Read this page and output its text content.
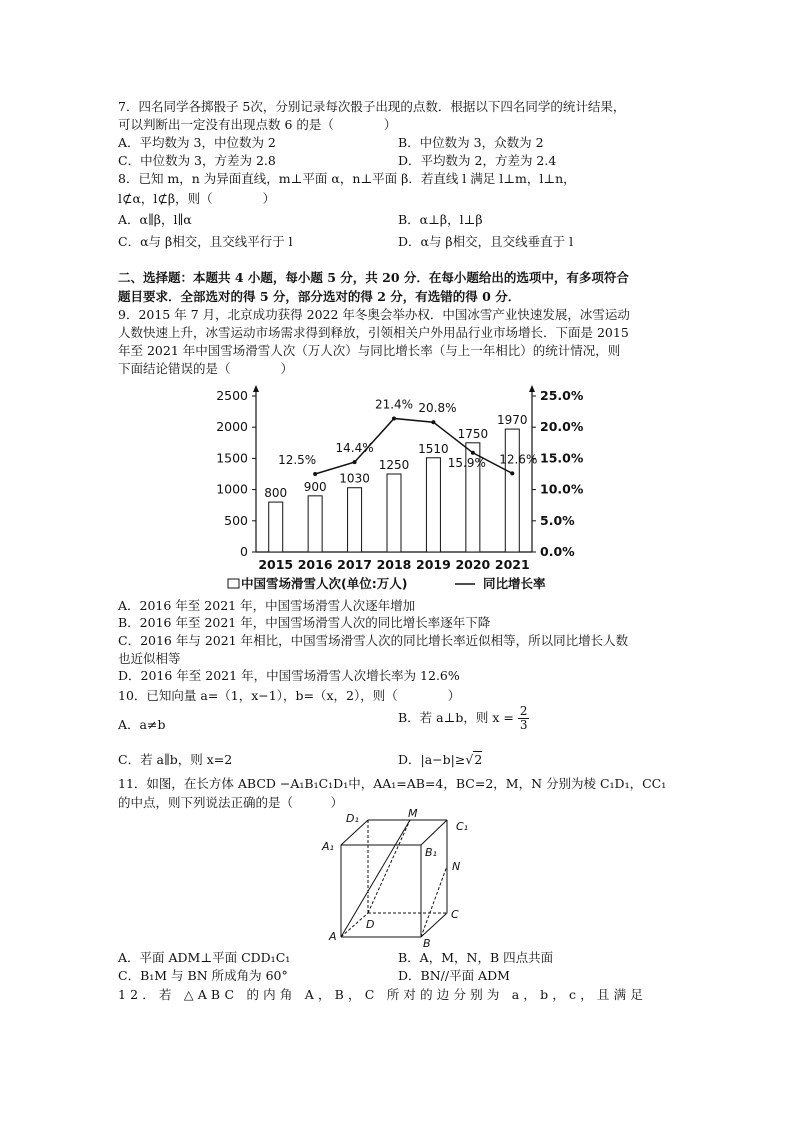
7．四名同学各掷骰子 5次，分别记录每次骰子出现的点数．根据以下四名同学的统计结果，
可以判断出一定没有出现点数 6 的是（　　　　）
A．平均数为 3，中位数为 2	B．中位数为 3，众数为 2
C．中位数为 3，方差为 2.8	D．平均数为 2，方差为 2.4
8．已知 m，n 为异面直线，m⊥平面 α，n⊥平面 β．若直线 l 满足 l⊥m，l⊥n，
l⊄α，l⊄β，则（　　　　）
A．α∥β，l∥α	B．α⊥β，l⊥β
C．α与 β相交，且交线平行于 l	D．α与 β相交，且交线垂直于 l
二、选择题：本题共 4 小题，每小题 5 分，共 20 分．在每小题给出的选项中，有多项符合
题目要求．全部选对的得 5 分，部分选对的得 2 分，有选错的得 0 分．
9．2015 年 7 月，北京成功获得 2022 年冬奥会举办权．中国冰雪产业快速发展，冰雪运动
人数快速上升，冰雪运动市场需求得到释放，引领相关户外用品行业市场增长．下面是 2015
年至 2021 年中国雪场滑雪人次（万人次）与同比增长率（与上一年相比）的统计情况，则
下面结论错误的是（　　　　）
0
500
1000
1500
2000
2500
0.0%
5.0%
10.0%
15.0%
20.0%
25.0%
800
2015
900
2016
1030
2017
1250
2018
1510
2019
1750
2020
1970
2021
12.5%
14.4%
21.4% 20.8%
15.9% 12.6%
中国雪场滑雪人次(单位:万人)	同比增长率
A．2016 年至 2021 年，中国雪场滑雪人次逐年增加
B．2016 年至 2021 年，中国雪场滑雪人次的同比增长率逐年下降
C．2016 年与 2021 年相比，中国雪场滑雪人次的同比增长率近似相等，所以同比增长人数
也近似相等
D．2016 年至 2021 年，中国雪场滑雪人次增长率为 12.6%
10．已知向量 a=（1，x−1），b=（x，2），则（　　　　）
A．a≠b	B．若 a⊥b，则 $x = \frac{2}{3}$
C．若 a∥b，则 x=2	D．|a−b|≥√2
11．如图，在长方体 ABCD −A₁B₁C₁D₁中，AA₁=AB=4，BC=2，M，N 分别为棱 C₁D₁，CC₁
的中点，则下列说法正确的是（　　　）
D₁	M
C₁
A₁	B₁
N
D
C
A
B
A．平面 ADM⊥平面 CDD₁C₁	B．A，M，N，B 四点共面
C．B₁M 与 BN 所成角为 60°	D．BN//平面 ADM
12．若 △ABC 的内角 A，B，C 所对的边分别为 a，b，c，且满足
